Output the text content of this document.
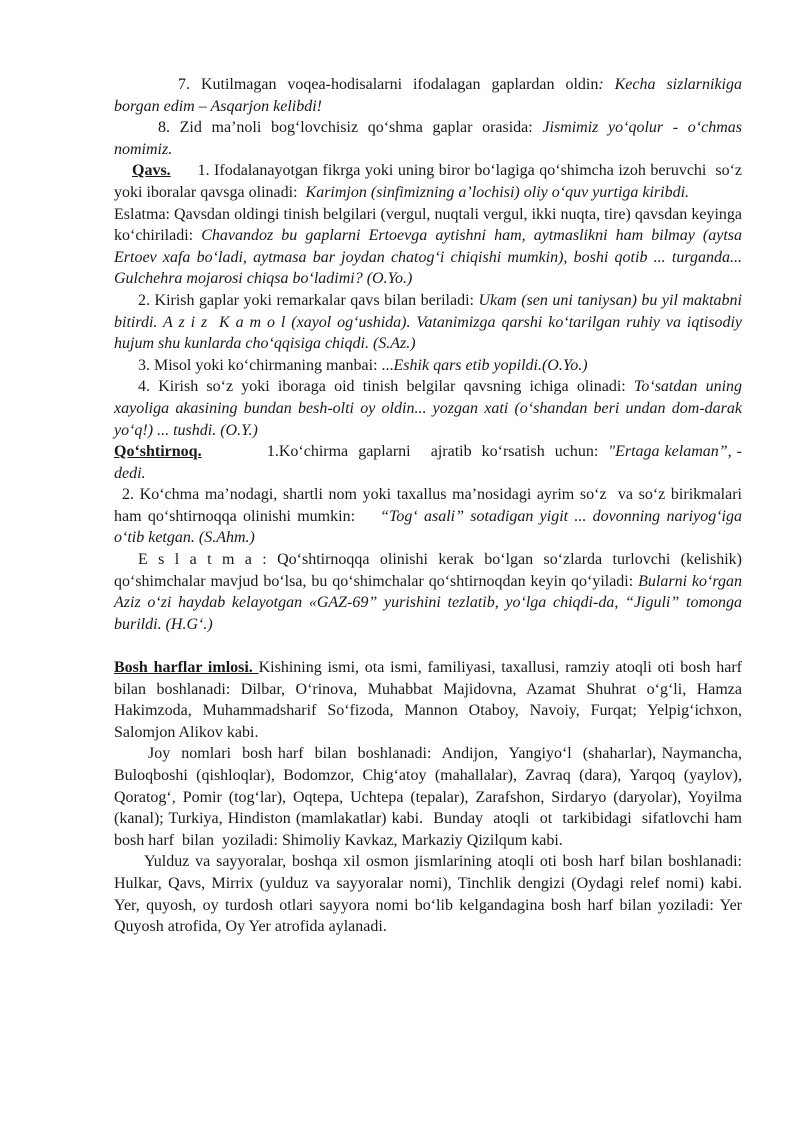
7. Kutilmagan voqea-hodisalarni ifodalagan gaplardan oldin: Kecha sizlarnikiga borgan edim – Asqarjon kelibdi!

8. Zid ma’noli bog‘lovchisiz qo‘shma gaplar orasida: Jismimiz yo‘qolur - o‘chmas nomimiz.

Qavs.      1. Ifodalanayotgan fikrga yoki uning biror bo‘lagiga qo‘shimcha izoh beruvchi  so‘z yoki iboralar qavsga olinadi:  Karimjon (sinfimizning a’lochisi) oliy o‘quv yurtiga kiribdi.

Eslatma: Qavsdan oldingi tinish belgilari (vergul, nuqtali vergul, ikki nuqta, tire) qavsdan keyinga ko‘chiriladi: Chavandoz bu gaplarni Ertoevga aytishni ham, aytmaslikni ham bilmay (aytsa Ertoev xafa bo‘ladi, aytmasa bar joydan chatog‘i chiqishi mumkin), boshi qotib ... turganda... Gulchehra mojarosi chiqsa bo‘ladimi? (O.Yo.)

2. Kirish gaplar yoki remarkalar qavs bilan beriladi: Ukam (sen uni taniysan) bu yil maktabni bitirdi. A z i z  K a m o l (xayol og‘ushida). Vatanimizga qarshi ko‘tarilgan ruhiy va iqtisodiy hujum shu kunlarda cho‘qqisiga chiqdi. (S.Az.)

3. Misol yoki ko‘chirmaning manbai: ...Eshik qars etib yopildi.(O.Yo.)

4. Kirish so‘z yoki iboraga oid tinish belgilar qavsning ichiga olinadi: To‘satdan uning xayoliga akasining bundan besh-olti oy oldin... yozgan xati (o‘shandan beri undan dom-darak yo‘q!) ... tushdi. (O.Y.)

Qo‘shtirnoq.             1.Ko‘chirma  gaplarni    ajratib  ko‘rsatish  uchun:  "Ertaga kelaman”, - dedi.

2. Ko‘chma ma’nodagi, shartli nom yoki taxallus ma’nosidagi ayrim so‘z  va so‘z birikmalari ham qo‘shtirnoqqa olinishi mumkin:    “Tog‘ asali” sotadigan yigit ... dovonning nariyog‘iga o‘tib ketgan. (S.Ahm.)

E s l a t m a : Qo‘shtirnoqqa olinishi kerak bo‘lgan so‘zlarda turlovchi (kelishik) qo‘shimchalar mavjud bo‘lsa, bu qo‘shimchalar qo‘shtirnoqdan keyin qo‘yiladi: Bularni ko‘rgan Aziz o‘zi haydab kelayotgan «GAZ-69” yurishini tezlatib, yo‘lga chiqdi-da, “Jiguli” tomonga burildi. (H.G‘.)

Bosh harflar imlosi. Kishining ismi, ota ismi, familiyasi, taxallusi, ramziy atoqli oti bosh harf bilan boshlanadi: Dilbar, O‘rinova, Muhabbat Majidovna, Azamat Shuhrat o‘g‘li, Hamza Hakimzoda, Muhammadsharif So‘fizoda, Mannon Otaboy, Navoiy, Furqat; Yelpig‘ichxon, Salomjon Alikov kabi.

Joy  nomlari  bosh harf  bilan  boshlanadi:  Andijon,  Yangiyo‘l  (shaharlar), Naymancha, Buloqboshi (qishloqlar), Bodomzor, Chig‘atoy (mahallalar), Zavraq (dara), Yarqoq (yaylov), Qoratog‘, Pomir (tog‘lar), Oqtepa, Uchtepa (tepalar), Zarafshon, Sirdaryo (daryolar), Yoyilma (kanal); Turkiya, Hindiston (mamlakatlar) kabi.  Bunday  atoqli  ot  tarkibidagi  sifatlovchi ham  bosh harf  bilan  yoziladi: Shimoliy Kavkaz, Markaziy Qizilqum kabi.

Yulduz va sayyoralar, boshqa xil osmon jismlarining atoqli oti bosh harf bilan boshlanadi: Hulkar, Qavs, Mirrix (yulduz va sayyoralar nomi), Tinchlik dengizi (Oydagi relef nomi) kabi. Yer, quyosh, oy turdosh otlari sayyora nomi bo‘lib kelgandagina bosh harf bilan yoziladi: Yer Quyosh atrofida, Oy Yer atrofida aylanadi.
